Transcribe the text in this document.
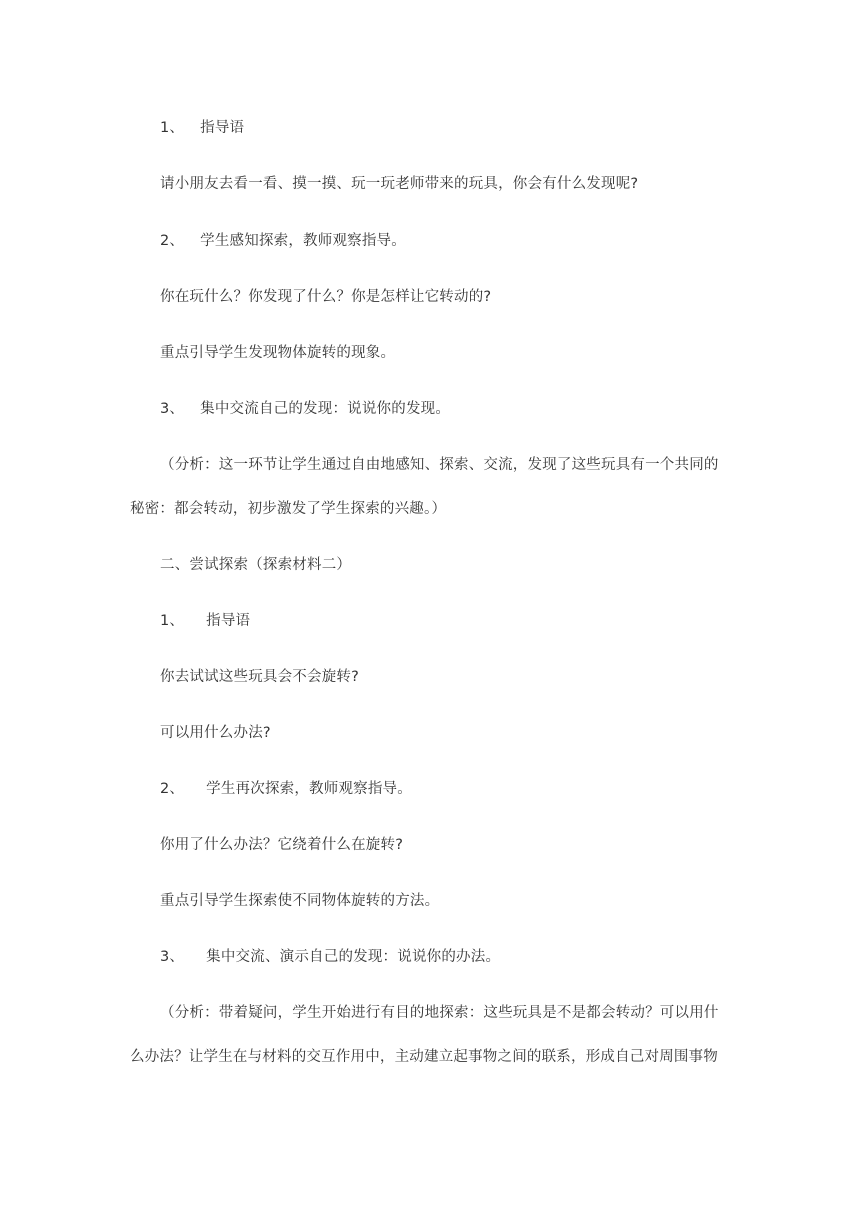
1、 指导语

请小朋友去看一看、摸一摸、玩一玩老师带来的玩具，你会有什么发现呢?

2、 学生感知探索，教师观察指导。

你在玩什么？你发现了什么？你是怎样让它转动的?

重点引导学生发现物体旋转的现象。

3、 集中交流自己的发现：说说你的发现。

（分析：这一环节让学生通过自由地感知、探索、交流，发现了这些玩具有一个共同的

秘密：都会转动，初步激发了学生探索的兴趣。）

二、尝试探索（探索材料二）

1、 指导语

你去试试这些玩具会不会旋转?

可以用什么办法?

2、 学生再次探索，教师观察指导。

你用了什么办法？它绕着什么在旋转?

重点引导学生探索使不同物体旋转的方法。

3、 集中交流、演示自己的发现：说说你的办法。

（分析：带着疑问，学生开始进行有目的地探索：这些玩具是不是都会转动？可以用什

么办法？让学生在与材料的交互作用中，主动建立起事物之间的联系，形成自己对周围事物
